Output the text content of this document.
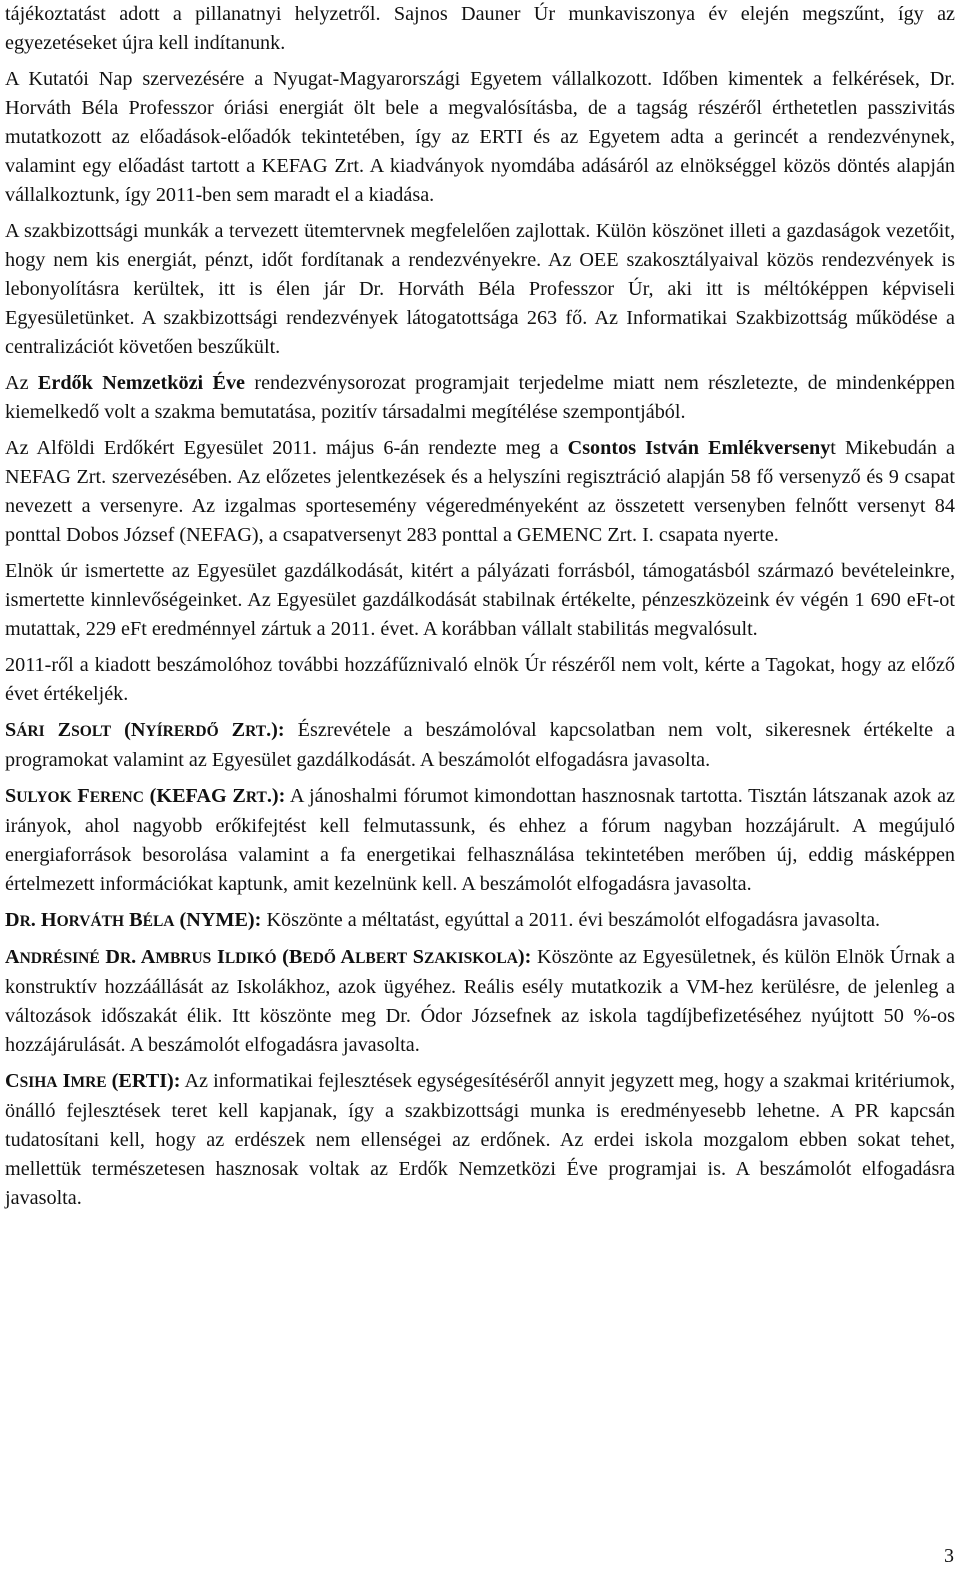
tájékoztatást adott a pillanatnyi helyzetről. Sajnos Dauner Úr munkaviszonya év elején megszűnt, így az egyezetéseket újra kell indítanunk.

A Kutatói Nap szervezésére a Nyugat-Magyarországi Egyetem vállalkozott. Időben kimentek a felkérések, Dr. Horváth Béla Professzor óriási energiát ölt bele a megvalósításba, de a tagság részéről érthetetlen passzivitás mutatkozott az előadások-előadók tekintetében, így az ERTI és az Egyetem adta a gerincét a rendezvénynek, valamint egy előadást tartott a KEFAG Zrt. A kiadványok nyomdába adásáról az elnökséggel közös döntés alapján vállalkoztunk, így 2011-ben sem maradt el a kiadása.

A szakbizottsági munkák a tervezett ütemtervnek megfelelően zajlottak. Külön köszönet illeti a gazdaságok vezetőit, hogy nem kis energiát, pénzt, időt fordítanak a rendezvényekre. Az OEE szakosztályaival közös rendezvények is lebonyolításra kerültek, itt is élen jár Dr. Horváth Béla Professzor Úr, aki itt is méltóképpen képviseli Egyesületünket. A szakbizottsági rendezvények látogatottsága 263 fő. Az Informatikai Szakbizottság működése a centralizációt követően beszűkült.

Az Erdők Nemzetközi Éve rendezvénysorozat programjait terjedelme miatt nem részletezte, de mindenképpen kiemelkedő volt a szakma bemutatása, pozitív társadalmi megítélése szempontjából.

Az Alföldi Erdőkért Egyesület 2011. május 6-án rendezte meg a Csontos István Emlékversenyt Mikebudán a NEFAG Zrt. szervezésében. Az előzetes jelentkezések és a helyszíni regisztráció alapján 58 fő versenyző és 9 csapat nevezett a versenyre. Az izgalmas sportesemény végeredményeként az összetett versenyben felnőtt versenyt 84 ponttal Dobos József (NEFAG), a csapatversenyt 283 ponttal a GEMENC Zrt. I. csapata nyerte.

Elnök úr ismertette az Egyesület gazdálkodását, kitért a pályázati forrásból, támogatásból származó bevételeinkre, ismertette kinnlevőségeinket. Az Egyesület gazdálkodását stabilnak értékelte, pénzeszközeink év végén 1 690 eFt-ot mutattak, 229 eFt eredménnyel zártuk a 2011. évet. A korábban vállalt stabilitás megvalósult.

2011-ről a kiadott beszámolóhoz további hozzáfűznivaló elnök Úr részéről nem volt, kérte a Tagokat, hogy az előző évet értékeljék.

SÁRI ZSOLT (NYÍRERDŐ ZRT.): Észrevétele a beszámolóval kapcsolatban nem volt, sikeresnek értékelte a programokat valamint az Egyesület gazdálkodását. A beszámolót elfogadásra javasolta.

SULYOK FERENC (KEFAG ZRT.): A jánoshalmi fórumot kimondottan hasznosnak tartotta. Tisztán látszanak azok az irányok, ahol nagyobb erőkifejtést kell felmutassunk, és ehhez a fórum nagyban hozzájárult. A megújuló energiaforrások besorolása valamint a fa energetikai felhasználása tekintetében merőben új, eddig másképpen értelmezett információkat kaptunk, amit kezelnünk kell. A beszámolót elfogadásra javasolta.

DR. HORVÁTH BÉLA (NYME): Köszönte a méltatást, egyúttal a 2011. évi beszámolót elfogadásra javasolta.

ANDRÉSINÉ DR. AMBRUS ILDIKÓ (BEDŐ ALBERT SZAKISKOLA): Köszönte az Egyesületnek, és külön Elnök Úrnak a konstruktív hozzáállását az Iskolákhoz, azok ügyéhez. Reális esély mutatkozik a VM-hez kerülésre, de jelenleg a változások időszakát élik. Itt köszönte meg Dr. Ódor Józsefnek az iskola tagdíjbefizetéséhez nyújtott 50 %-os hozzájárulását. A beszámolót elfogadásra javasolta.

CSIHA IMRE (ERTI): Az informatikai fejlesztések egységesítéséről annyit jegyzett meg, hogy a szakmai kritériumok, önálló fejlesztések teret kell kapjanak, így a szakbizottsági munka is eredményesebb lehetne. A PR kapcsán tudatosítani kell, hogy az erdészek nem ellenségei az erdőnek. Az erdei iskola mozgalom ebben sokat tehet, mellettük természetesen hasznosak voltak az Erdők Nemzetközi Éve programjai is. A beszámolót elfogadásra javasolta.

3
